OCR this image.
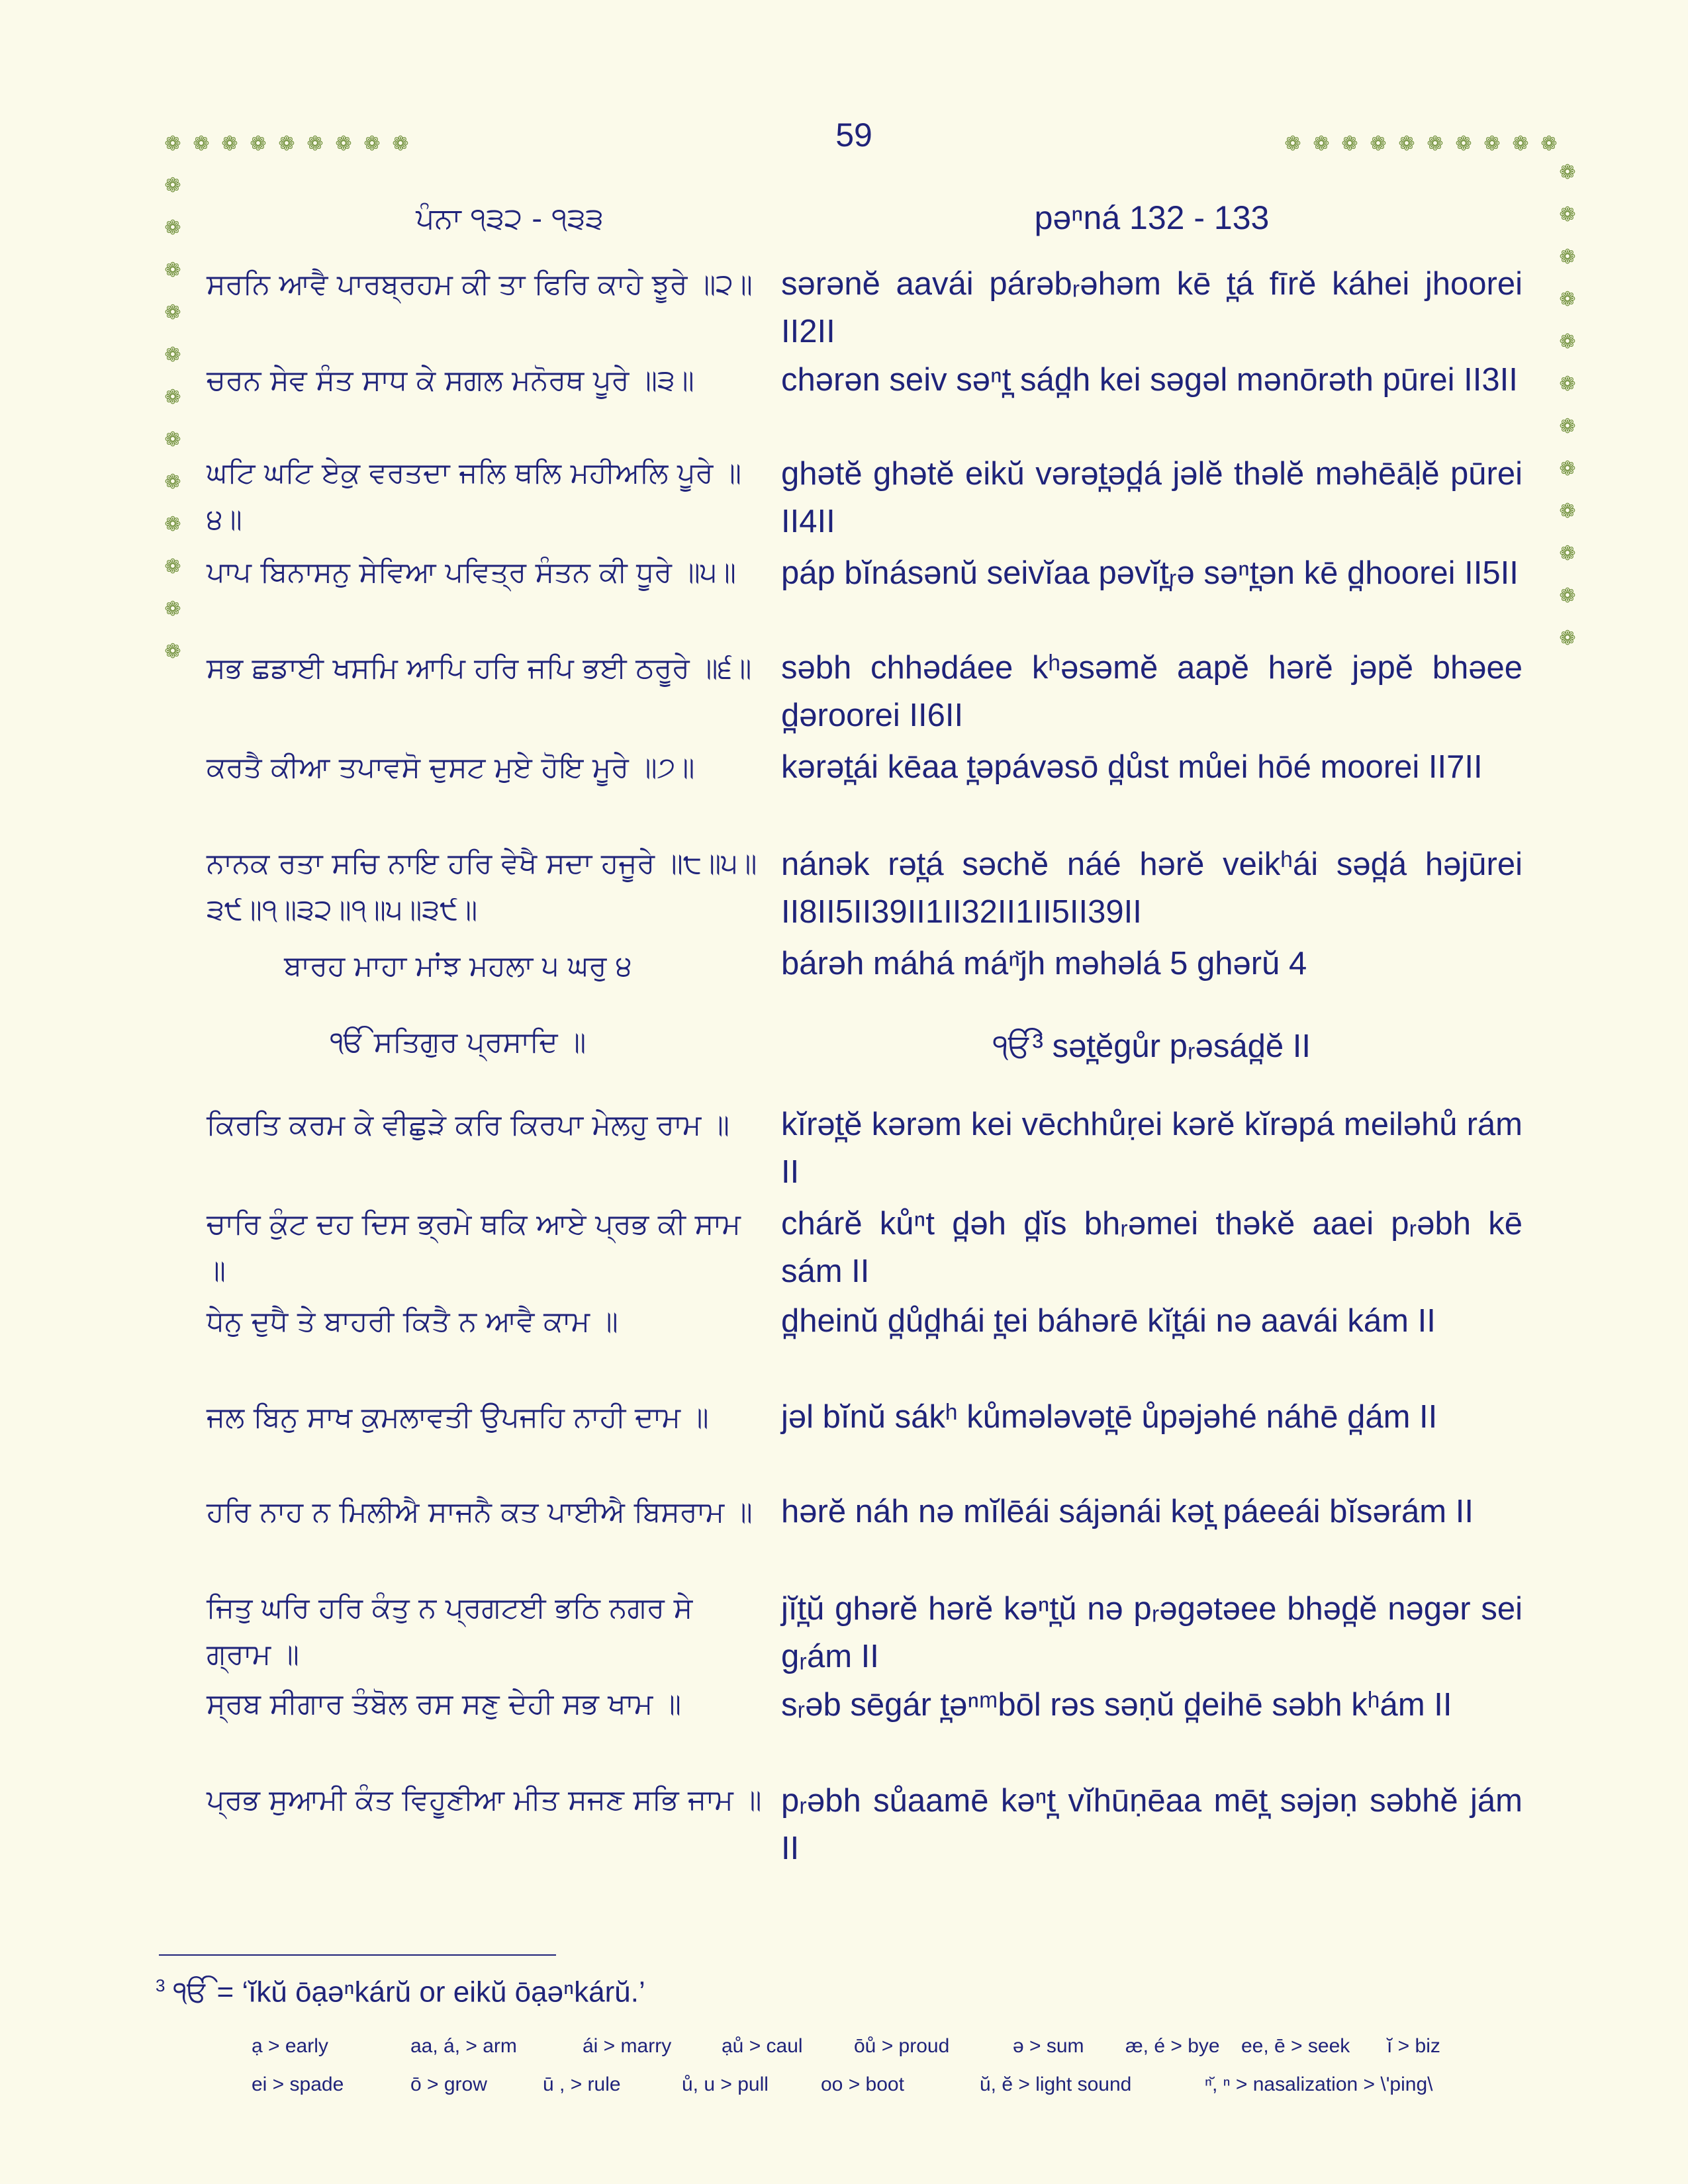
59
❁ ❁ ❁ ❁ ❁ ❁ ❁ ❁ ❁	❁ ❁ ❁ ❁ ❁ ❁ ❁ ❁ ❁ ❁
❁
❁
❁
❁
❁
❁
❁
❁
❁
❁
❁
❁
❁
❁
❁
❁
❁
❁
❁
❁
❁
❁
❁
❁
ਪੰਨਾ ੧੩੨ - ੧੩੩	pəⁿná 132 - 133
ਸਰਨਿ ਆਵੈ ਪਾਰਬ੍ਰਹਮ ਕੀ ਤਾ ਫਿਰਿ ਕਾਹੇ ਝੂਰੇ ॥੨॥ sərənĕ aavái párəbᵣəhəm kē t̪á fīrĕ káhei jhoorei II2II
ਚਰਨ ਸੇਵ ਸੰਤ ਸਾਧ ਕੇ ਸਗਲ ਮਨੋਰਥ ਪੂਰੇ ॥੩॥	chərən seiv səⁿt̪ sád̪h kei səgəl mənōrəth pūrei II3II
ਘਟਿ ਘਟਿ ਏਕੁ ਵਰਤਦਾ ਜਲਿ ਥਲਿ ਮਹੀਅਲਿ ਪੂਰੇ ॥੪॥
ghətĕ ghətĕ eikŭ vərət̪əd̪á jəlĕ thəlĕ məhēāḷĕ pūrei II4II
ਪਾਪ ਬਿਨਾਸਨੁ ਸੇਵਿਆ ਪਵਿਤ੍ਰ ਸੰਤਨ ਕੀ ਧੂਰੇ ॥੫॥	páp bĭnásənŭ seivĭaa pəvĭt̪ᵣə səⁿt̪ən kē d̪hoorei II5II
ਸਭ ਛਡਾਈ ਖਸਮਿ ਆਪਿ ਹਰਿ ਜਪਿ ਭਈ ਠਰੂਰੇ ॥੬॥ səbh chhədáee kʰəsəmĕ aapĕ hərĕ jəpĕ bhəee d̪əroorei II6II
ਕਰਤੈ ਕੀਆ ਤਪਾਵਸੋ ਦੁਸਟ ਮੁਏ ਹੋਇ ਮੂਰੇ ॥੭॥	kərət̪ái kēaa t̪əpávəsō d̪ůst můei hōé moorei II7II
ਨਾਨਕ ਰਤਾ ਸਚਿ ਨਾਇ ਹਰਿ ਵੇਖੈ ਸਦਾ ਹਜੂਰੇ ॥੮॥੫॥੩੯॥੧॥੩੨॥੧॥੫॥੩੯॥
nánək rət̪á səchĕ náé hərĕ veikʰái səd̪á həjūrei II8II5II39II1II32II1II5II39II
ਬਾਰਹ ਮਾਹਾ ਮਾਂਝ ਮਹਲਾ ੫ ਘਰੁ ੪	bárəh máhá máⁿ̆jh məhəlá 5 ghərŭ 4
ੴ ਸਤਿਗੁਰ ਪ੍ਰਸਾਦਿ ॥	ੴ³ sət̪ĕgůr pᵣəsád̪ĕ II
ਕਿਰਤਿ ਕਰਮ ਕੇ ਵੀਛੁੜੇ ਕਰਿ ਕਿਰਪਾ ਮੇਲਹੁ ਰਾਮ ॥	kĭrət̪ĕ kərəm kei vēchhůṛei kərĕ kĭrəpá meiləhů rám II
ਚਾਰਿ ਕੁੰਟ ਦਹ ਦਿਸ ਭ੍ਰਮੇ ਥਕਿ ਆਏ ਪ੍ਰਭ ਕੀ ਸਾਮ ॥
chárĕ kůⁿt d̪əh d̪ĭs bhᵣəmei thəkĕ aaei pᵣəbh kē sám II
ਧੇਨੁ ਦੁਧੈ ਤੇ ਬਾਹਰੀ ਕਿਤੈ ਨ ਆਵੈ ਕਾਮ ॥	d̪heinŭ d̪ůd̪hái t̪ei báhərē kĭt̪ái nə aavái kám II
ਜਲ ਬਿਨੁ ਸਾਖ ਕੁਮਲਾਵਤੀ ਉਪਜਹਿ ਨਾਹੀ ਦਾਮ ॥	jəl bĭnŭ sákʰ kůmələvət̪ē ůpəjəhé náhē d̪ám II
ਹਰਿ ਨਾਹ ਨ ਮਿਲੀਐ ਸਾਜਨੈ ਕਤ ਪਾਈਐ ਬਿਸਰਾਮ ॥ hərĕ náh nə mĭlēái sájənái kət̪ páeeái bĭsərám II
ਜਿਤੁ ਘਰਿ ਹਰਿ ਕੰਤੁ ਨ ਪ੍ਰਗਟਈ ਭਠਿ ਨਗਰ ਸੇ ਗ੍ਰਾਮ ॥
jĭt̪ŭ ghərĕ hərĕ kəⁿt̪ŭ nə pᵣəgətəee bhəd̪ĕ nəgər sei gᵣám II
ਸ੍ਰਬ ਸੀਗਾਰ ਤੰਬੋਲ ਰਸ ਸਣੁ ਦੇਹੀ ਸਭ ਖਾਮ ॥	sᵣəb sēgár t̪əⁿᵐbōl rəs səṇŭ d̪eihē səbh kʰám II
ਪ੍ਰਭ ਸੁਆਮੀ ਕੰਤ ਵਿਹੂਣੀਆ ਮੀਤ ਸਜਣ ਸਭਿ ਜਾਮ ॥ pᵣəbh sůaamē kəⁿt̪ vĭhūṇēaa mēt̪ səjəṇ səbhĕ jám II
$^3$ ੴ = ‘ĭkŭ ōạəⁿkárŭ or eikŭ ōạəⁿkárŭ.’
ạ > early	aa, á, > arm	ái > marry	ạů > caul	ōů > proud	ə > sum æ, é > bye ee, ē > seek ĭ > biz
ei > spade	ō > grow	ū , > rule	ů, u > pull	oo > boot	ŭ, ĕ > light sound	ⁿ̆, ⁿ > nasalization > \'ping\
